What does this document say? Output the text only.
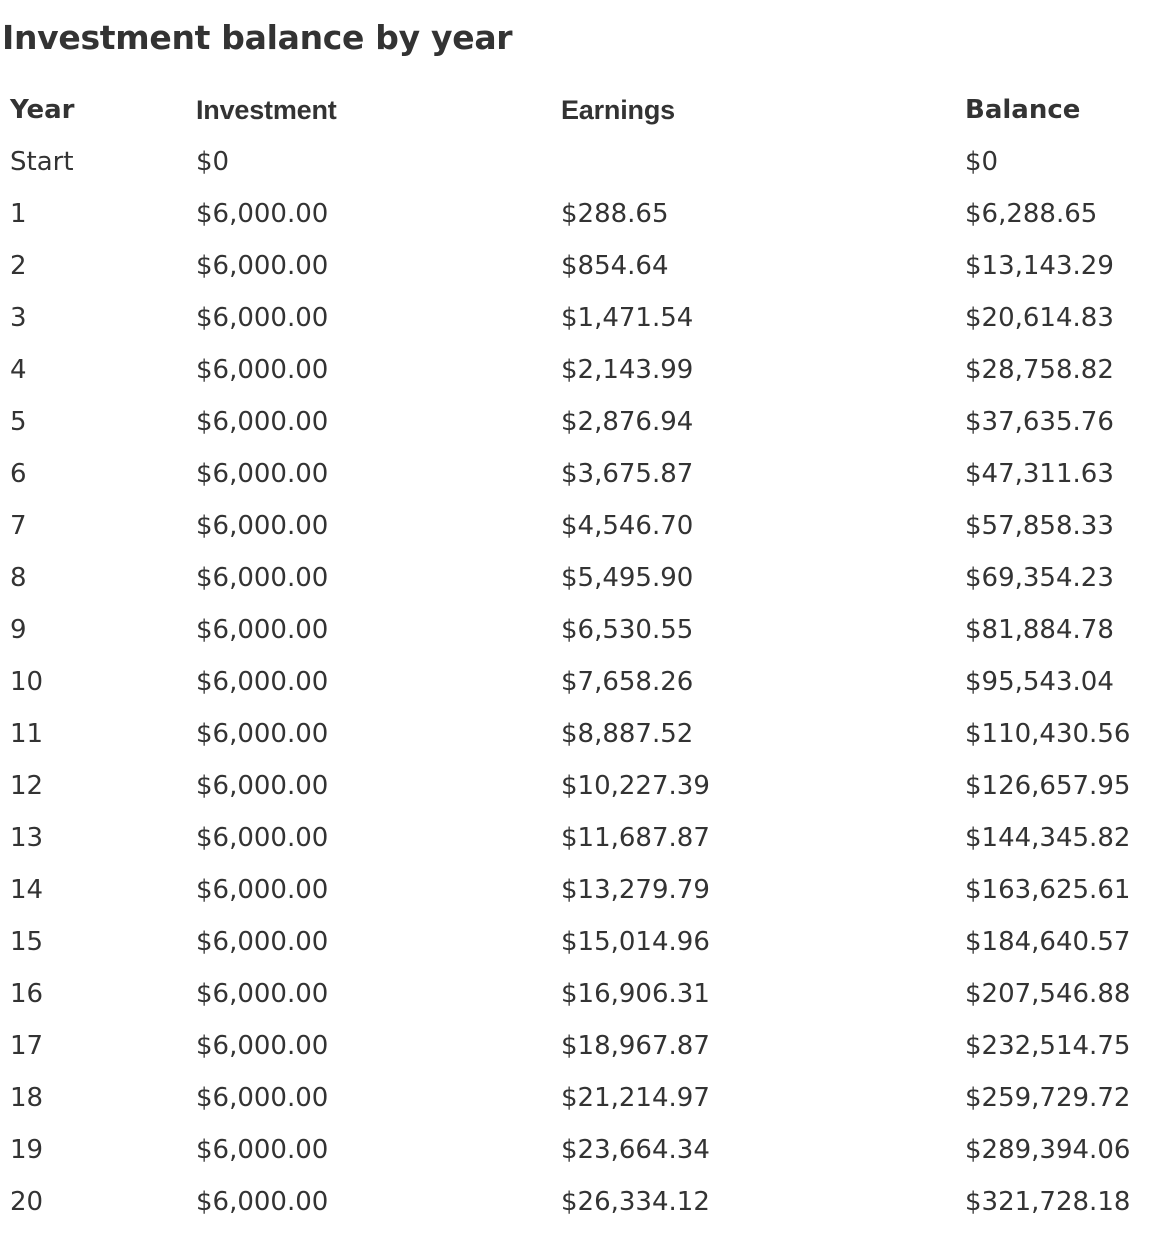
Investment balance by year
Year	Investment	Earnings	Balance
Start	$0		$0
1	$6,000.00	$288.65	$6,288.65
2	$6,000.00	$854.64	$13,143.29
3	$6,000.00	$1,471.54	$20,614.83
4	$6,000.00	$2,143.99	$28,758.82
5	$6,000.00	$2,876.94	$37,635.76
6	$6,000.00	$3,675.87	$47,311.63
7	$6,000.00	$4,546.70	$57,858.33
8	$6,000.00	$5,495.90	$69,354.23
9	$6,000.00	$6,530.55	$81,884.78
10	$6,000.00	$7,658.26	$95,543.04
11	$6,000.00	$8,887.52	$110,430.56
12	$6,000.00	$10,227.39	$126,657.95
13	$6,000.00	$11,687.87	$144,345.82
14	$6,000.00	$13,279.79	$163,625.61
15	$6,000.00	$15,014.96	$184,640.57
16	$6,000.00	$16,906.31	$207,546.88
17	$6,000.00	$18,967.87	$232,514.75
18	$6,000.00	$21,214.97	$259,729.72
19	$6,000.00	$23,664.34	$289,394.06
20	$6,000.00	$26,334.12	$321,728.18
